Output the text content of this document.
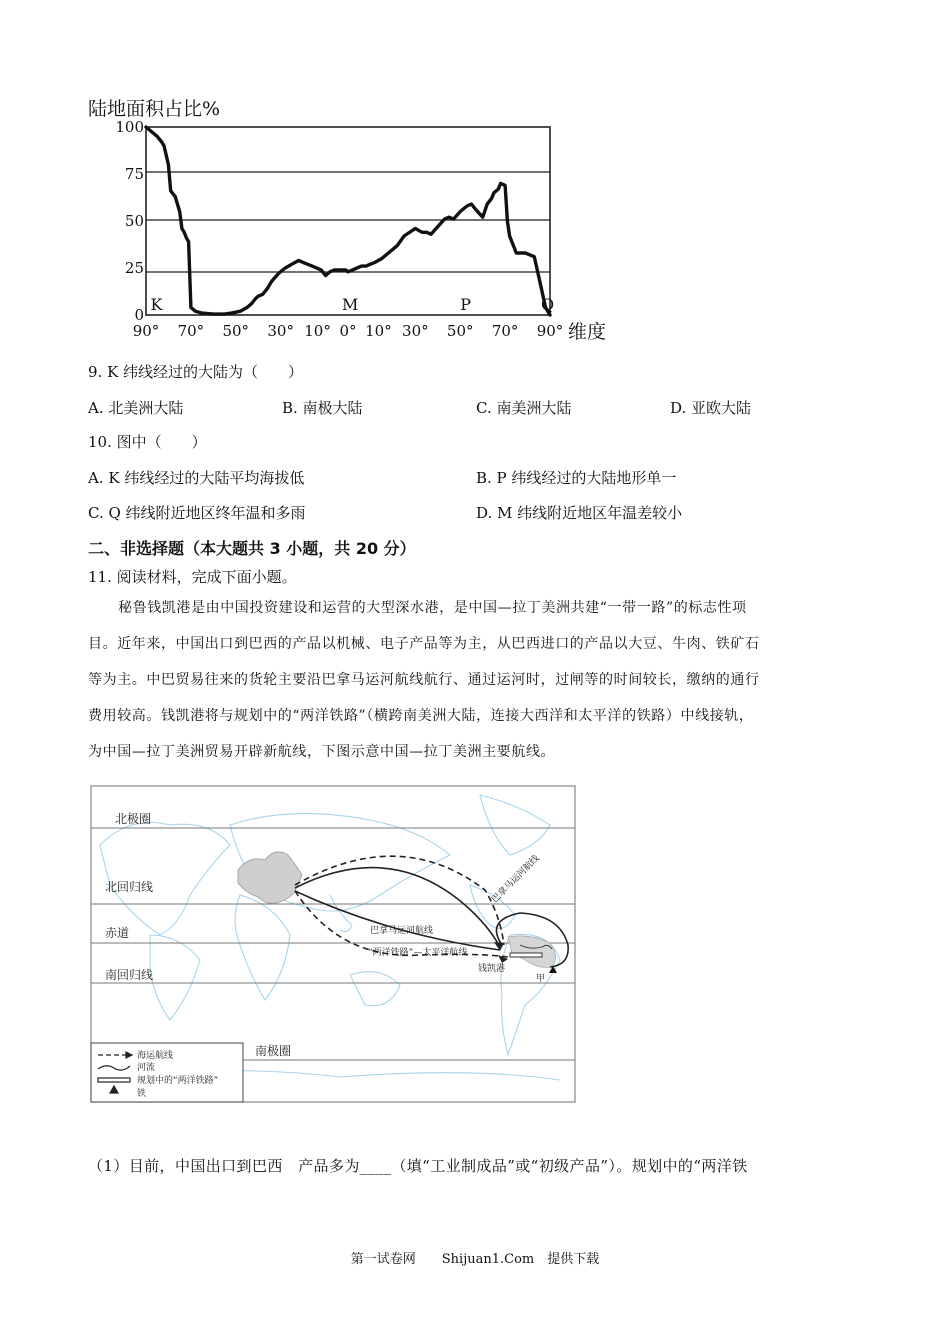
陆地面积占比%
0
25
50
75
100
90° 70° 50° 30° 10° 0° 10° 30° 50° 70° 90°
K	M	P	Q
维度
9. K 纬线经过的大陆为（　　）
A. 北美洲大陆	B. 南极大陆	C. 南美洲大陆	D. 亚欧大陆
10. 图中（　　）
A. K 纬线经过的大陆平均海拔低	B. P 纬线经过的大陆地形单一
C. Q 纬线附近地区终年温和多雨	D. M 纬线附近地区年温差较小
二、非选择题（本大题共 3 小题，共 20 分）
11. 阅读材料，完成下面小题。
秘鲁钱凯港是由中国投资建设和运营的大型深水港，是中国—拉丁美洲共建“一带一路”的标志性项
目。近年来，中国出口到巴西的产品以机械、电子产品等为主，从巴西进口的产品以大豆、牛肉、铁矿石
等为主。中巴贸易往来的货轮主要沿巴拿马运河航线航行、通过运河时，过闸等的时间较长，缴纳的通行
费用较高。钱凯港将与规划中的“两洋铁路”（横跨南美洲大陆，连接大西洋和太平洋的铁路）中线接轨，
为中国—拉丁美洲贸易开辟新航线，下图示意中国—拉丁美洲主要航线。
北极圈
北回归线
赤道
南回归线
南极圈
巴拿马运河航线
巴拿马运河航线
“两洋铁路”—太平洋航线
钱凯港
甲
海运航线
河流
规划中的“两洋铁路”
铁
（1）目前，中国出口到巴西　产品多为____（填“工业制成品”或“初级产品”）。规划中的“两洋铁
第一试卷网　　Shijuan1.Com　提供下载
